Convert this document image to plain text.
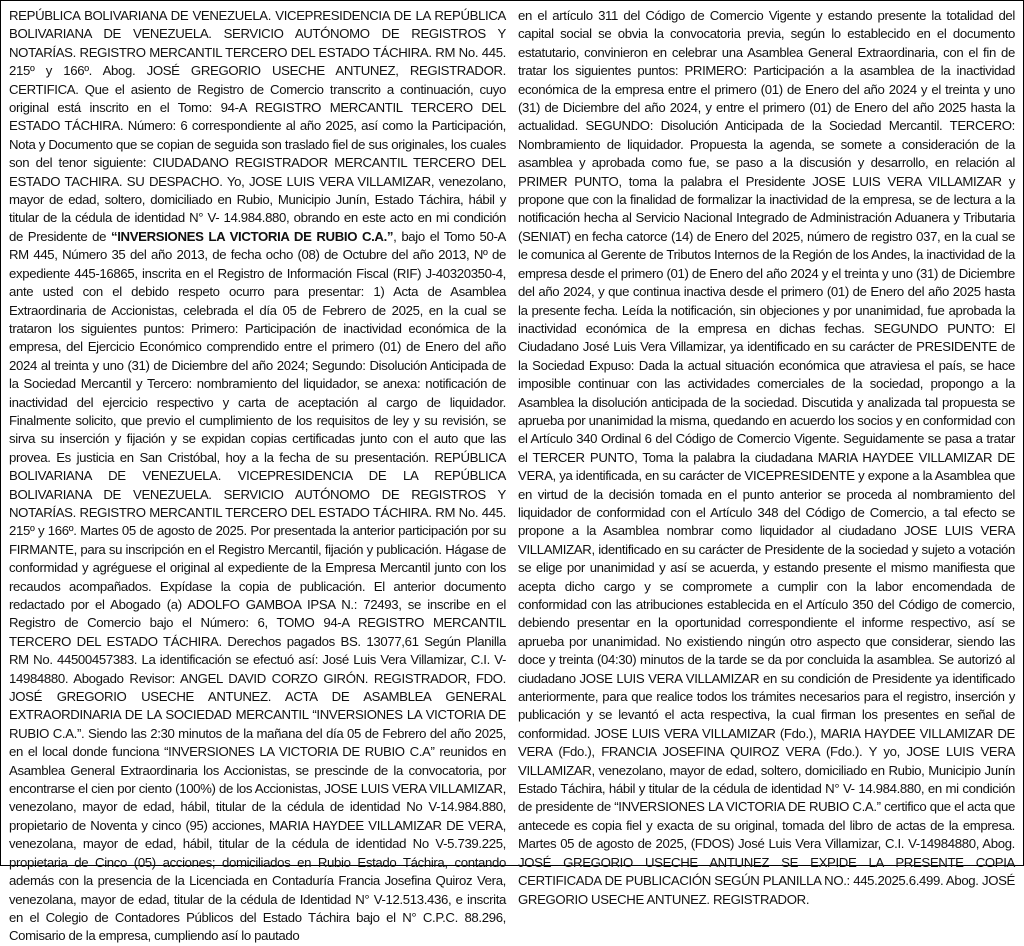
REPÚBLICA BOLIVARIANA DE VENEZUELA. VICEPRESIDENCIA DE LA REPÚBLICA BOLIVARIANA DE VENEZUELA. SERVICIO AUTÓNOMO DE REGISTROS Y NOTARÍAS. REGISTRO MERCANTIL TERCERO DEL ESTADO TÁCHIRA. RM No. 445. 215º y 166º. Abog. JOSÉ GREGORIO USECHE ANTUNEZ, REGISTRADOR. CERTIFICA. Que el asiento de Registro de Comercio transcrito a continuación, cuyo original está inscrito en el Tomo: 94-A REGISTRO MERCANTIL TERCERO DEL ESTADO TÁCHIRA. Número: 6 correspondiente al año 2025, así como la Participación, Nota y Documento que se copian de seguida son traslado fiel de sus originales, los cuales son del tenor siguiente: CIUDADANO REGISTRADOR MERCANTIL TERCERO DEL ESTADO TACHIRA. SU DESPACHO. Yo, JOSE LUIS VERA VILLAMIZAR, venezolano, mayor de edad, soltero, domiciliado en Rubio, Municipio Junín, Estado Táchira, hábil y titular de la cédula de identidad N° V- 14.984.880, obrando en este acto en mi condición de Presidente de “INVERSIONES LA VICTORIA DE RUBIO C.A.”, bajo el Tomo 50-A RM 445, Número 35 del año 2013, de fecha ocho (08) de Octubre del año 2013, Nº de expediente 445-16865, inscrita en el Registro de Información Fiscal (RIF) J-40320350-4, ante usted con el debido respeto ocurro para presentar: 1) Acta de Asamblea Extraordinaria de Accionistas, celebrada el día 05 de Febrero de 2025, en la cual se trataron los siguientes puntos: Primero: Participación de inactividad económica de la empresa, del Ejercicio Económico comprendido entre el primero (01) de Enero del año 2024 al treinta y uno (31) de Diciembre del año 2024; Segundo: Disolución Anticipada de la Sociedad Mercantil y Tercero: nombramiento del liquidador, se anexa: notificación de inactividad del ejercicio respectivo y carta de aceptación al cargo de liquidador. Finalmente solicito, que previo el cumplimiento de los requisitos de ley y su revisión, se sirva su inserción y fijación y se expidan copias certificadas junto con el auto que las provea. Es justicia en San Cristóbal, hoy a la fecha de su presentación. REPÚBLICA BOLIVARIANA DE VENEZUELA. VICEPRESIDENCIA DE LA REPÚBLICA BOLIVARIANA DE VENEZUELA. SERVICIO AUTÓNOMO DE REGISTROS Y NOTARÍAS. REGISTRO MERCANTIL TERCERO DEL ESTADO TÁCHIRA. RM No. 445. 215º y 166º. Martes 05 de agosto de 2025. Por presentada la anterior participación por su FIRMANTE, para su inscripción en el Registro Mercantil, fijación y publicación. Hágase de conformidad y agréguese el original al expediente de la Empresa Mercantil junto con los recaudos acompañados. Expídase la copia de publicación. El anterior documento redactado por el Abogado (a) ADOLFO GAMBOA IPSA N.: 72493, se inscribe en el Registro de Comercio bajo el Número: 6, TOMO 94-A REGISTRO MERCANTIL TERCERO DEL ESTADO TÁCHIRA. Derechos pagados BS. 13077,61 Según Planilla RM No. 44500457383. La identificación se efectuó así: José Luis Vera Villamizar, C.I. V-14984880. Abogado Revisor: ANGEL DAVID CORZO GIRÓN. REGISTRADOR, FDO. JOSÉ GREGORIO USECHE ANTUNEZ. ACTA DE ASAMBLEA GENERAL EXTRAORDINARIA DE LA SOCIEDAD MERCANTIL “INVERSIONES LA VICTORIA DE RUBIO C.A.”. Siendo las 2:30 minutos de la mañana del día 05 de Febrero del año 2025, en el local donde funciona “INVERSIONES LA VICTORIA DE RUBIO C.A” reunidos en Asamblea General Extraordinaria los Accionistas, se prescinde de la convocatoria, por encontrarse el cien por ciento (100%) de los Accionistas, JOSE LUIS VERA VILLAMIZAR, venezolano, mayor de edad, hábil, titular de la cédula de identidad No V-14.984.880, propietario de Noventa y cinco (95) acciones, MARIA HAYDEE VILLAMIZAR DE VERA, venezolana, mayor de edad, hábil, titular de la cédula de identidad No V-5.739.225, propietaria de Cinco (05) acciones; domiciliados en Rubio Estado Táchira, contando además con la presencia de la Licenciada en Contaduría Francia Josefina Quiroz Vera, venezolana, mayor de edad, titular de la cédula de Identidad N° V-12.513.436, e inscrita en el Colegio de Contadores Públicos del Estado Táchira bajo el N° C.P.C. 88.296, Comisario de la empresa, cumpliendo así lo pautado

en el artículo 311 del Código de Comercio Vigente y estando presente la totalidad del capital social se obvia la convocatoria previa, según lo establecido en el documento estatutario, convinieron en celebrar una Asamblea General Extraordinaria, con el fin de tratar los siguientes puntos: PRIMERO: Participación a la asamblea de la inactividad económica de la empresa entre el primero (01) de Enero del año 2024 y el treinta y uno (31) de Diciembre del año 2024, y entre el primero (01) de Enero del año 2025 hasta la actualidad. SEGUNDO: Disolución Anticipada de la Sociedad Mercantil. TERCERO: Nombramiento de liquidador. Propuesta la agenda, se somete a consideración de la asamblea y aprobada como fue, se paso a la discusión y desarrollo, en relación al PRIMER PUNTO, toma la palabra el Presidente JOSE LUIS VERA VILLAMIZAR y propone que con la finalidad de formalizar la inactividad de la empresa, se de lectura a la notificación hecha al Servicio Nacional Integrado de Administración Aduanera y Tributaria (SENIAT) en fecha catorce (14) de Enero del 2025, número de registro 037, en la cual se le comunica al Gerente de Tributos Internos de la Región de los Andes, la inactividad de la empresa desde el primero (01) de Enero del año 2024 y el treinta y uno (31) de Diciembre del año 2024, y que continua inactiva desde el primero (01) de Enero del año 2025 hasta la presente fecha. Leída la notificación, sin objeciones y por unanimidad, fue aprobada la inactividad económica de la empresa en dichas fechas. SEGUNDO PUNTO: El Ciudadano José Luis Vera Villamizar, ya identificado en su carácter de PRESIDENTE de la Sociedad Expuso: Dada la actual situación económica que atraviesa el país, se hace imposible continuar con las actividades comerciales de la sociedad, propongo a la Asamblea la disolución anticipada de la sociedad. Discutida y analizada tal propuesta se aprueba por unanimidad la misma, quedando en acuerdo los socios y en conformidad con el Artículo 340 Ordinal 6 del Código de Comercio Vigente. Seguidamente se pasa a tratar el TERCER PUNTO, Toma la palabra la ciudadana MARIA HAYDEE VILLAMIZAR DE VERA, ya identificada, en su carácter de VICEPRESIDENTE y expone a la Asamblea que en virtud de la decisión tomada en el punto anterior se proceda al nombramiento del liquidador de conformidad con el Artículo 348 del Código de Comercio, a tal efecto se propone a la Asamblea nombrar como liquidador al ciudadano JOSE LUIS VERA VILLAMIZAR, identificado en su carácter de Presidente de la sociedad y sujeto a votación se elige por unanimidad y así se acuerda, y estando presente el mismo manifiesta que acepta dicho cargo y se compromete a cumplir con la labor encomendada de conformidad con las atribuciones establecida en el Artículo 350 del Código de comercio, debiendo presentar en la oportunidad correspondiente el informe respectivo, así se aprueba por unanimidad. No existiendo ningún otro aspecto que considerar, siendo las doce y treinta (04:30) minutos de la tarde se da por concluida la asamblea. Se autorizó al ciudadano JOSE LUIS VERA VILLAMIZAR en su condición de Presidente ya identificado anteriormente, para que realice todos los trámites necesarios para el registro, inserción y publicación y se levantó el acta respectiva, la cual firman los presentes en señal de conformidad. JOSE LUIS VERA VILLAMIZAR (Fdo.), MARIA HAYDEE VILLAMIZAR DE VERA (Fdo.), FRANCIA JOSEFINA QUIROZ VERA (Fdo.). Y yo, JOSE LUIS VERA VILLAMIZAR, venezolano, mayor de edad, soltero, domiciliado en Rubio, Municipio Junín Estado Táchira, hábil y titular de la cédula de identidad N° V- 14.984.880, en mi condición de presidente de “INVERSIONES LA VICTORIA DE RUBIO C.A.” certifico que el acta que antecede es copia fiel y exacta de su original, tomada del libro de actas de la empresa. Martes 05 de agosto de 2025, (FDOS) José Luis Vera Villamizar, C.I. V-14984880, Abog. JOSÉ GREGORIO USECHE ANTUNEZ SE EXPIDE LA PRESENTE COPIA CERTIFICADA DE PUBLICACIÓN SEGÚN PLANILLA NO.: 445.2025.6.499. Abog. JOSÉ GREGORIO USECHE ANTUNEZ. REGISTRADOR.
